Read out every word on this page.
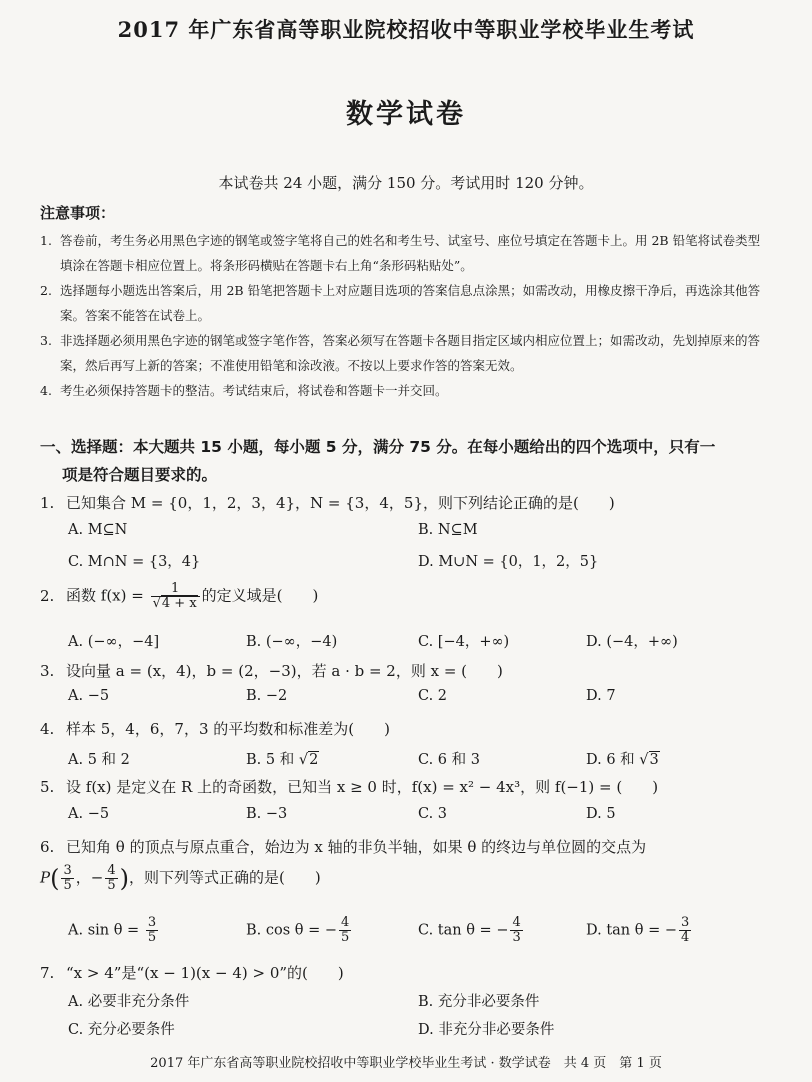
2017 年广东省高等职业院校招收中等职业学校毕业生考试
数学试卷
本试卷共 24 小题，满分 150 分。考试用时 120 分钟。
注意事项：
1. 答卷前，考生务必用黑色字迹的钢笔或签字笔将自己的姓名和考生号、试室号、座位号填定在答题卡上。用 2B 铅笔将试卷类型填涂在答题卡相应位置上。将条形码横贴在答题卡右上角“条形码粘贴处”。
2. 选择题每小题选出答案后，用 2B 铅笔把答题卡上对应题目选项的答案信息点涂黑；如需改动，用橡皮擦干净后，再选涂其他答案。答案不能答在试卷上。
3. 非选择题必须用黑色字迹的钢笔或签字笔作答，答案必须写在答题卡各题目指定区域内相应位置上；如需改动，先划掉原来的答案，然后再写上新的答案；不准使用铅笔和涂改液。不按以上要求作答的答案无效。
4. 考生必须保持答题卡的整洁。考试结束后，将试卷和答题卡一并交回。
一、选择题：本大题共 15 小题，每小题 5 分，满分 75 分。在每小题给出的四个选项中，只有一
项是符合题目要求的。
1. 已知集合 M = {0，1，2，3，4}，N = {3，4，5}，则下列结论正确的是(　　)
A. M⊆N	B. N⊆M
C. M∩N = {3，4}	D. M∪N = {0，1，2，5}
2. 函数 $f(x) = \frac{1}{√4 + x}$ 的定义域是(　　)
A. (−∞，−4]	B. (−∞，−4)	C. [−4，+∞)	D. (−4，+∞)
3. 设向量 a = (x，4)，b = (2，−3)，若 a · b = 2，则 x = (　　)
A. −5	B. −2	C. 2	D. 7
4. 样本 5，4，6，7，3 的平均数和标准差为(　　)
A. 5 和 2	B. 5 和 √2	C. 6 和 3	D. 6 和 √3
5. 设 f(x) 是定义在 R 上的奇函数，已知当 x ≥ 0 时，f(x) = x² − 4x³，则 f(−1) = (　　)
A. −5	B. −3	C. 3	D. 5
6. 已知角 θ 的顶点与原点重合，始边为 x 轴的非负半轴，如果 θ 的终边与单位圆的交点为
$P( \frac{3}{5}$ ，− $\frac{4}{5}$ )，则下列等式正确的是(　　)
A. $\sin \theta = \frac{3}{5}$	B. cos θ = − $\frac{4}{5}$	C. tan θ = − $\frac{4}{3}$	D. tan θ = − $\frac{3}{4}$
7. “x > 4”是“(x − 1)(x − 4) > 0”的(　　)
A. 必要非充分条件	B. 充分非必要条件
C. 充分必要条件	D. 非充分非必要条件
2017 年广东省高等职业院校招收中等职业学校毕业生考试 · 数学试卷　共 4 页　第 1 页
